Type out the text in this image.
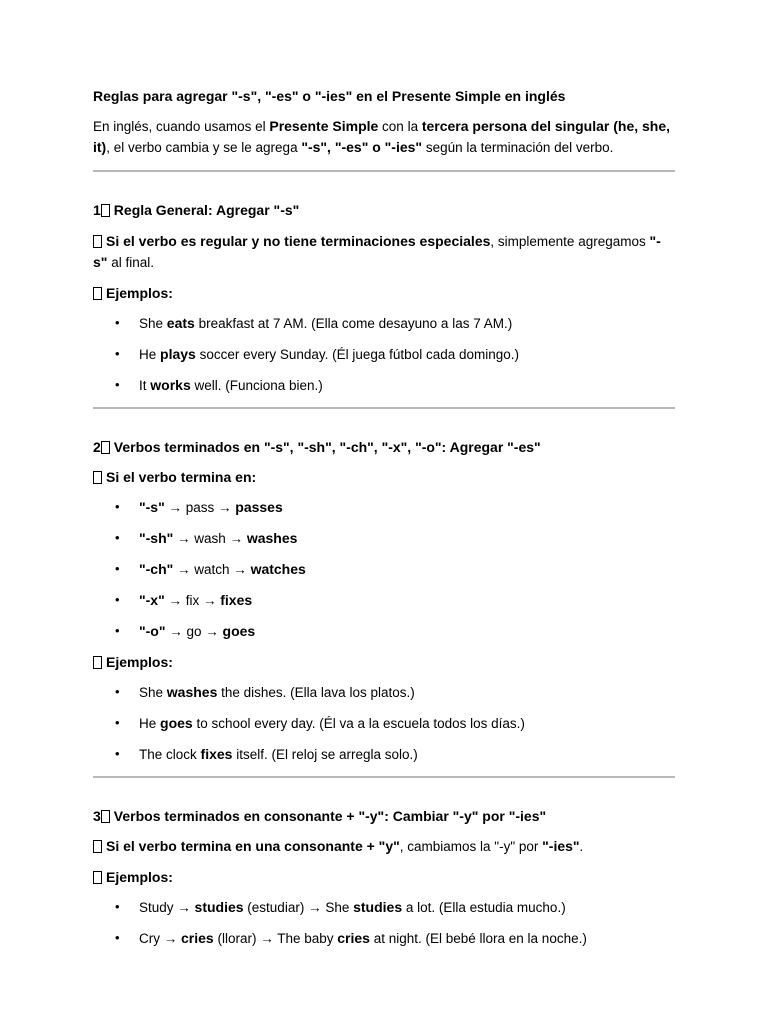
Reglas para agregar "-s", "-es" o "-ies" en el Presente Simple en inglés

En inglés, cuando usamos el Presente Simple con la tercera persona del singular (he, she, it), el verbo cambia y se le agrega "-s", "-es" o "-ies" según la terminación del verbo.

1 Regla General: Agregar "-s"

Si el verbo es regular y no tiene terminaciones especiales, simplemente agregamos "-s" al final.

Ejemplos:

• She eats breakfast at 7 AM. (Ella come desayuno a las 7 AM.)
• He plays soccer every Sunday. (Él juega fútbol cada domingo.)
• It works well. (Funciona bien.)

2 Verbos terminados en "-s", "-sh", "-ch", "-x", "-o": Agregar "-es"

Si el verbo termina en:

• "-s" → pass → passes
• "-sh" → wash → washes
• "-ch" → watch → watches
• "-x" → fix → fixes
• "-o" → go → goes

Ejemplos:

• She washes the dishes. (Ella lava los platos.)
• He goes to school every day. (Él va a la escuela todos los días.)
• The clock fixes itself. (El reloj se arregla solo.)

3 Verbos terminados en consonante + "-y": Cambiar "-y" por "-ies"

Si el verbo termina en una consonante + "y", cambiamos la "-y" por "-ies".

Ejemplos:

• Study → studies (estudiar) → She studies a lot. (Ella estudia mucho.)
• Cry → cries (llorar) → The baby cries at night. (El bebé llora en la noche.)
